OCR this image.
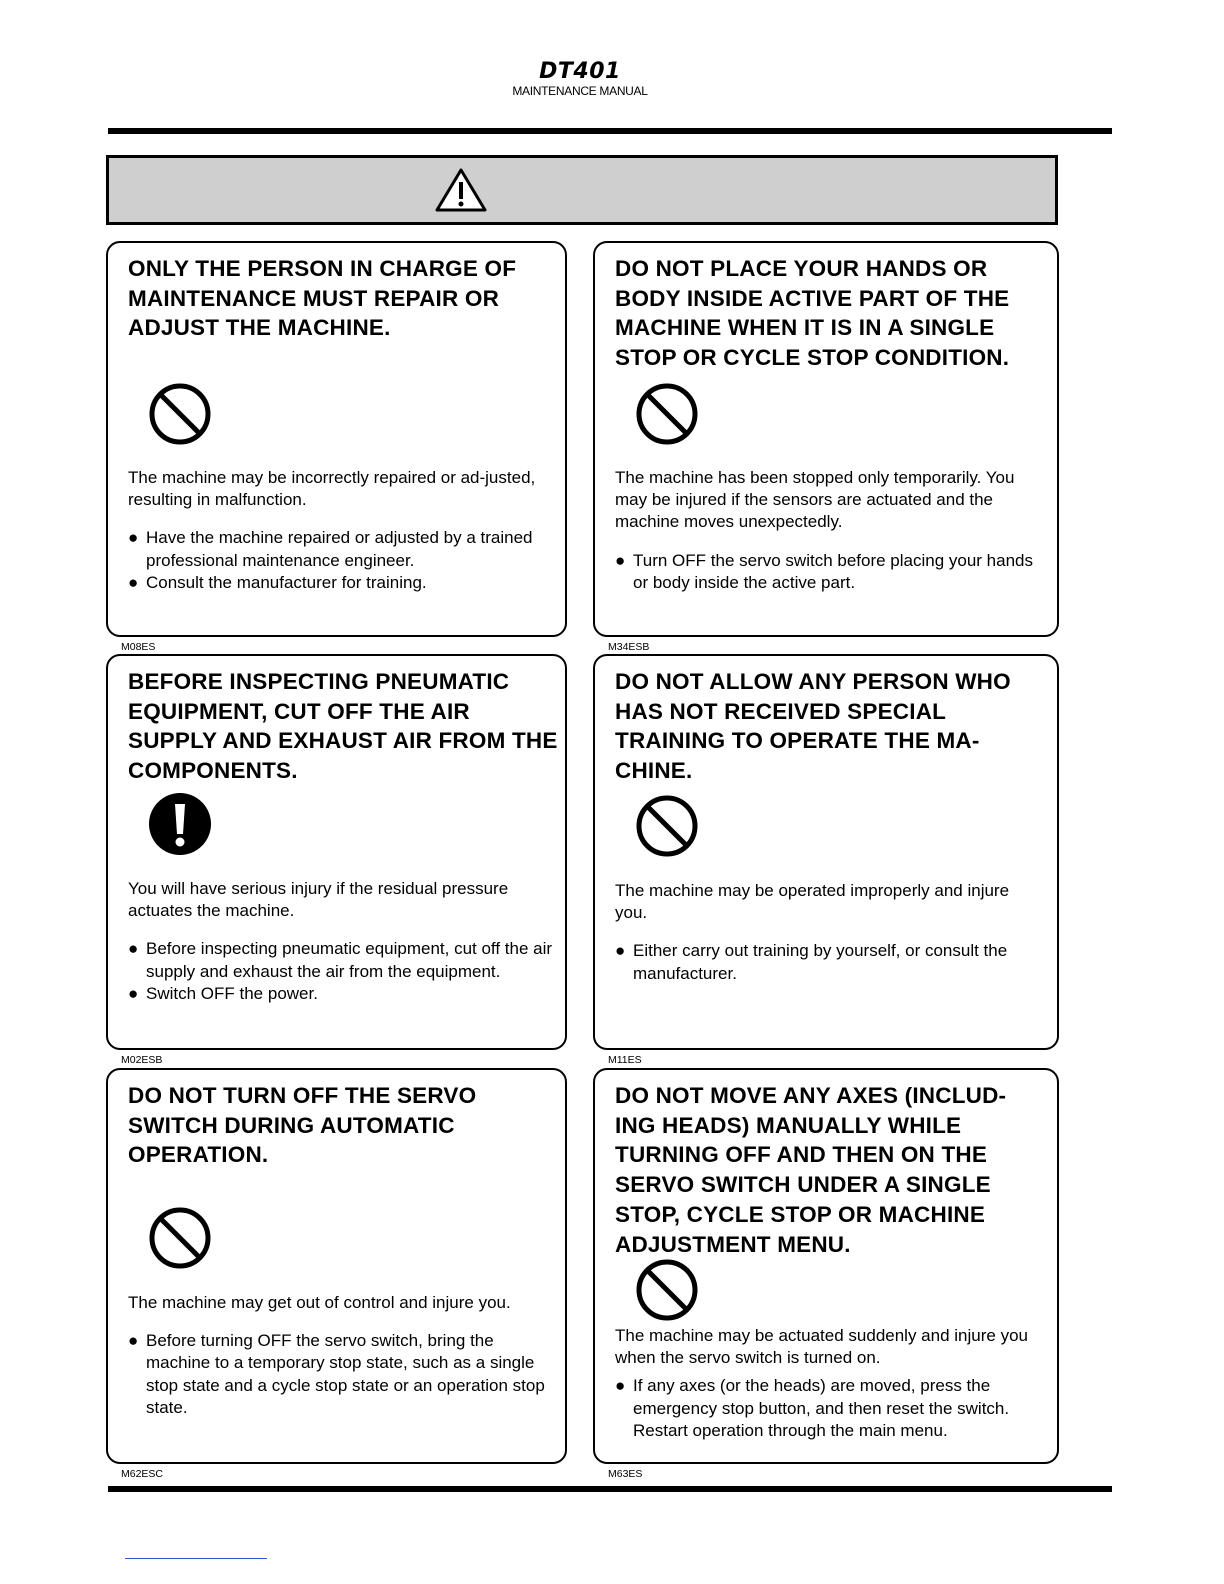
DT401
MAINTENANCE MANUAL
ONLY THE PERSON IN CHARGE OF MAINTENANCE MUST REPAIR OR ADJUST THE MACHINE.

The machine may be incorrectly repaired or ad-justed, resulting in malfunction.

● Have the machine repaired or adjusted by a trained professional maintenance engineer.
● Consult the manufacturer for training.
M08ES
DO NOT PLACE YOUR HANDS OR BODY INSIDE ACTIVE PART OF THE MACHINE WHEN IT IS IN A SINGLE STOP OR CYCLE STOP CONDITION.

The machine has been stopped only temporarily. You may be injured if the sensors are actuated and the machine moves unexpectedly.

● Turn OFF the servo switch before placing your hands or body inside the active part.
M34ESB
BEFORE INSPECTING PNEUMATIC EQUIPMENT, CUT OFF THE AIR SUPPLY AND EXHAUST AIR FROM THE COMPONENTS.

You will have serious injury if the residual pressure actuates the machine.

● Before inspecting pneumatic equipment, cut off the air supply and exhaust the air from the equipment.
● Switch OFF the power.
M02ESB
DO NOT ALLOW ANY PERSON WHO HAS NOT RECEIVED SPECIAL TRAINING TO OPERATE THE MA-CHINE.

The machine may be operated improperly and injure you.

● Either carry out training by yourself, or consult the manufacturer.
M11ES
DO NOT TURN OFF THE SERVO SWITCH DURING AUTOMATIC OPERATION.

The machine may get out of control and injure you.

● Before turning OFF the servo switch, bring the machine to a temporary stop state, such as a single stop state and a cycle stop state or an operation stop state.
M62ESC
DO NOT MOVE ANY AXES (INCLUD-ING HEADS) MANUALLY WHILE TURNING OFF AND THEN ON THE SERVO SWITCH UNDER A SINGLE STOP, CYCLE STOP OR MACHINE ADJUSTMENT MENU.

The machine may be actuated suddenly and injure you when the servo switch is turned on.

● If any axes (or the heads) are moved, press the emergency stop button, and then reset the switch. Restart operation through the main menu.
M63ES
